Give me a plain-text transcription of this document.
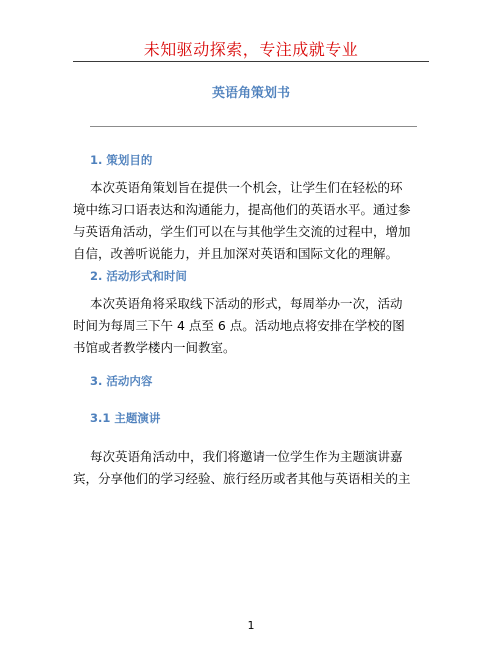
未知驱动探索，专注成就专业
英语角策划书
1. 策划目的
本次英语角策划旨在提供一个机会，让学生们在轻松的环
境中练习口语表达和沟通能力，提高他们的英语水平。通过参
与英语角活动，学生们可以在与其他学生交流的过程中，增加
自信，改善听说能力，并且加深对英语和国际文化的理解。
2. 活动形式和时间
本次英语角将采取线下活动的形式，每周举办一次，活动
时间为每周三下午 4 点至 6 点。活动地点将安排在学校的图
书馆或者教学楼内一间教室。
3. 活动内容
3.1 主题演讲
每次英语角活动中，我们将邀请一位学生作为主题演讲嘉
宾，分享他们的学习经验、旅行经历或者其他与英语相关的主
1
